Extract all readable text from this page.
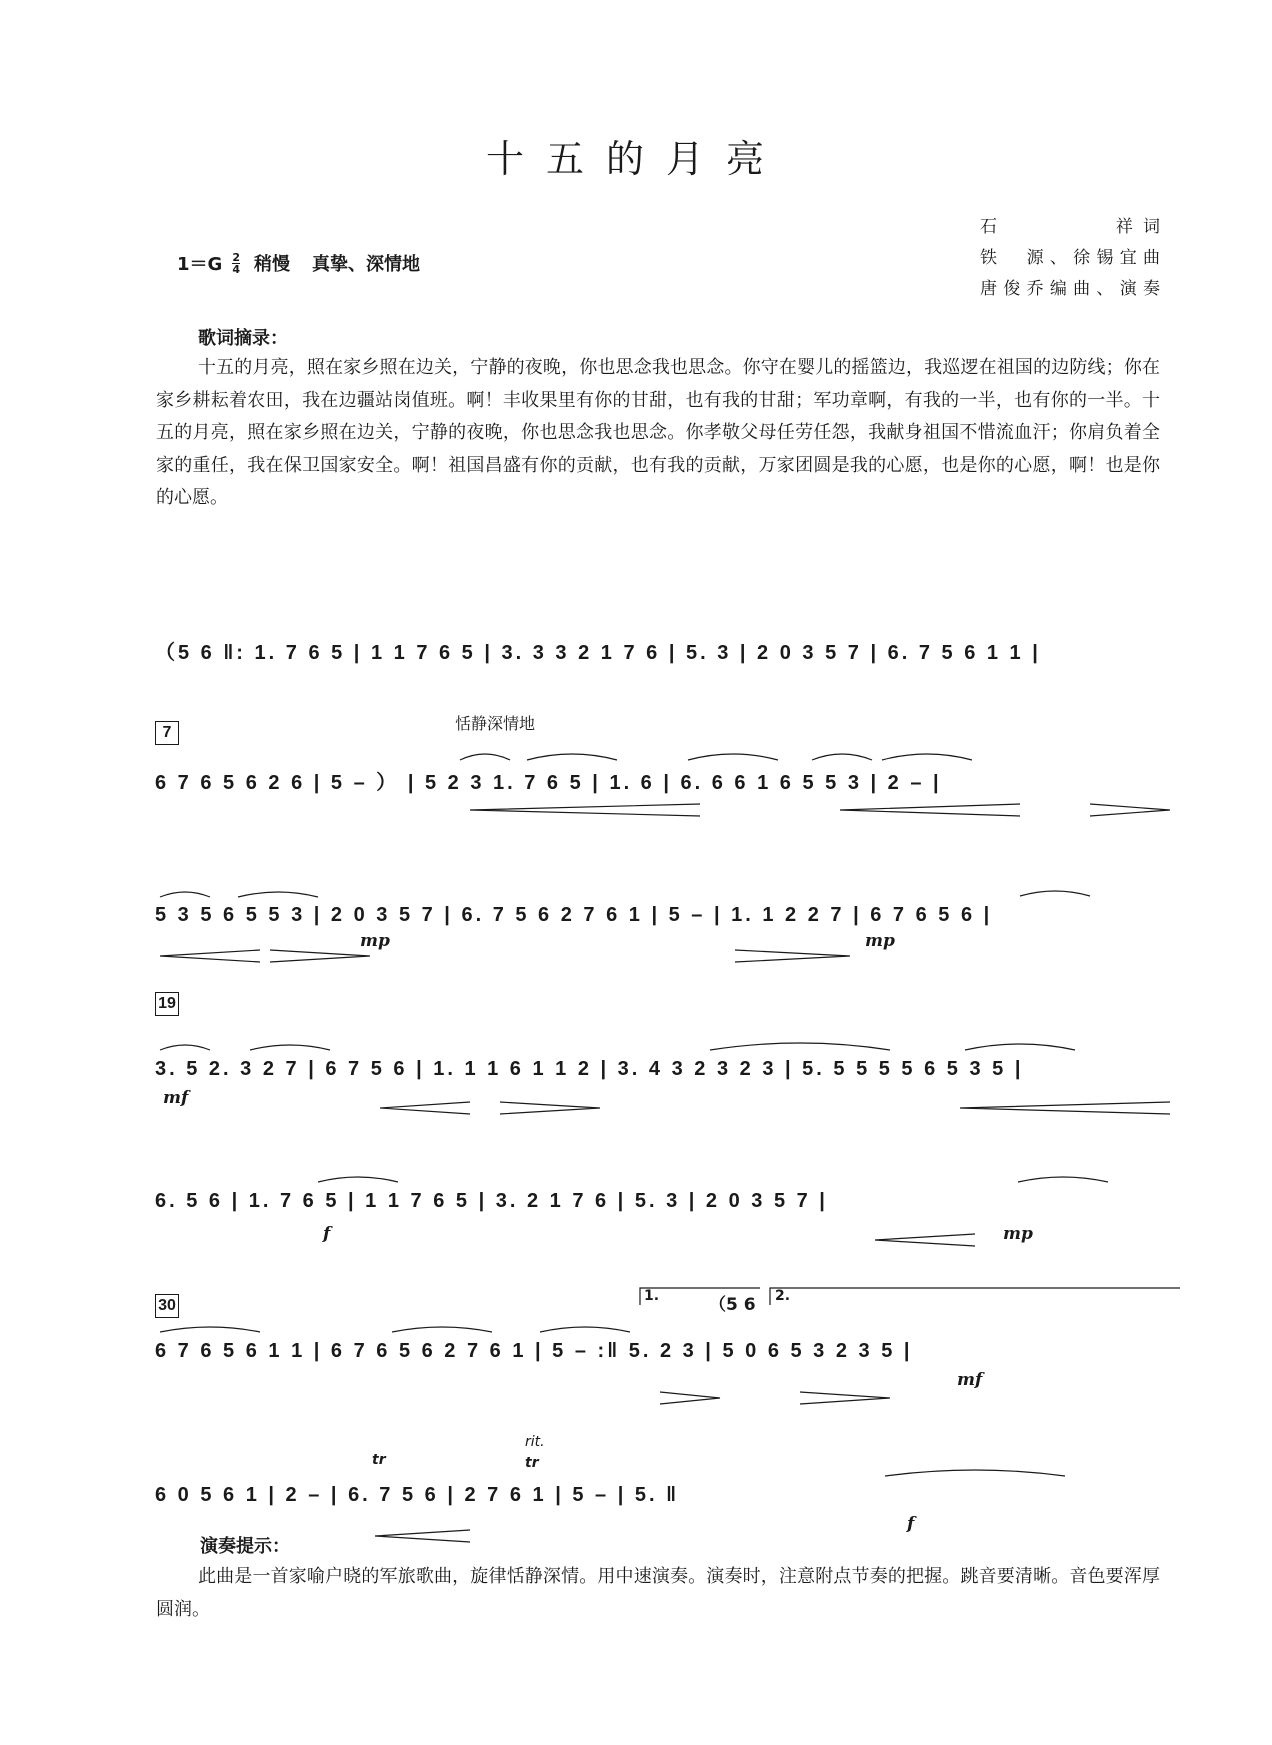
十五的月亮
石　　　　祥词
铁　源、徐锡宜曲
唐俊乔编曲、演奏
$1=G \frac{2}{4}$ 稍慢 真挚、深情地
歌词摘录：
十五的月亮，照在家乡照在边关，宁静的夜晚，你也思念我也思念。你守在婴儿的摇篮边，我巡逻在祖国的边防线；你在家乡耕耘着农田，我在边疆站岗值班。啊！丰收果里有你的甘甜，也有我的甘甜；军功章啊，有我的一半，也有你的一半。十五的月亮，照在家乡照在边关，宁静的夜晚，你也思念我也思念。你孝敬父母任劳任怨，我献身祖国不惜流血汗；你肩负着全家的重任，我在保卫国家安全。啊！祖国昌盛有你的贡献，也有我的贡献，万家团圆是我的心愿，也是你的心愿，啊！也是你的心愿。
（5 6 ‖: 1. 7 6 5 | 1 1 7 6 5 | 3. 3 3 2 1 7 6 | 5. 3 | 2 0 3 5 7 | 6. 7 5 6 1 1 |
7	恬静深情地
6 7 6 5 6 2 6 | 5 – ） | 5 2 3 1. 7 6 5 | 1. 6 | 6. 6 6 1 6 5 5 3 | 2 – |
5 3 5 6 5 5 3 | 2 0 3 5 7 | 6. 7 5 6 2 7 6 1 | 5 – | 1. 1 2 2 7 | 6 7 6 5 6 |
mp	mp
19
3. 5 2. 3 2 7 | 6 7 5 6 | 1. 1 1 6 1 1 2 | 3. 4 3 2 3 2 3 | 5. 5 5 5 5 6 5 3 5 |
mf
6. 5 6 | 1. 7 6 5 | 1 1 7 6 5 | 3. 2 1 7 6 | 5. 3 | 2 0 3 5 7 |
f	mp
30
1.	（5 6 2.
6 7 6 5 6 1 1 | 6 7 6 5 6 2 7 6 1 | 5 – :‖ 5. 2 3 | 5 0 6 5 3 2 3 5 |
mf
rit.
tr	tr
6 0 5 6 1 | 2 – | 6. 7 5 6 | 2 7 6 1 | 5 – | 5. ‖
f
演奏提示：
此曲是一首家喻户晓的军旅歌曲，旋律恬静深情。用中速演奏。演奏时，注意附点节奏的把握。跳音要清晰。音色要浑厚圆润。
